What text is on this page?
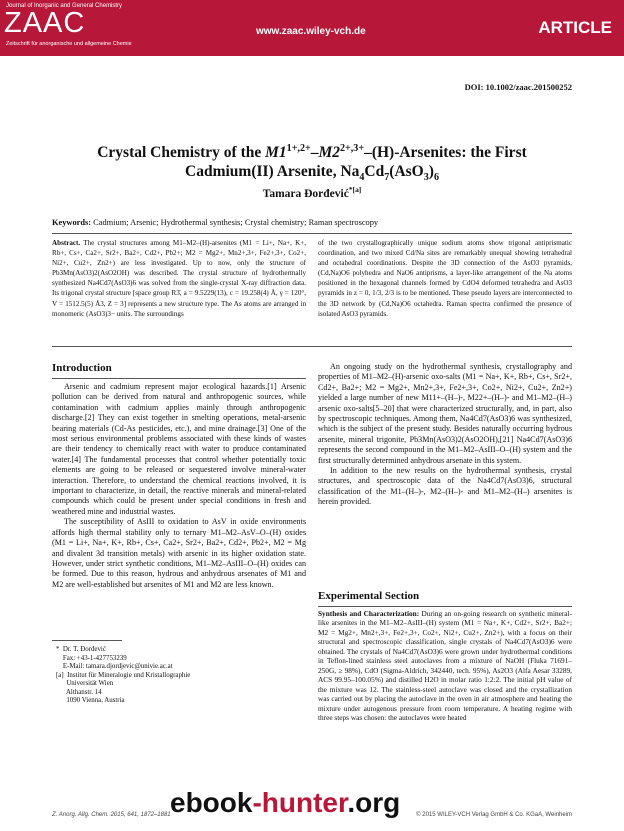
Journal of Inorganic and General Chemistry
ZAAC
Zeitschrift für anorganische und allgemeine Chemie
www.zaac.wiley-vch.de	ARTICLE
DOI: 10.1002/zaac.201500252
Crystal Chemistry of the $M1^{1+,2+}-M2^{2+,3+}-(H)$-Arsenites: the First
Cadmium(II) Arsenite, $Na_4Cd_7(AsO_3)_6$
Tamara Đorđević$^{*[a]}$
Keywords: Cadmium; Arsenic; Hydrothermal synthesis; Crystal chemistry; Raman spectroscopy
Abstract. The crystal structures among M1–M2–(H)-arsenites (M1 = Li+, Na+, K+, Rb+, Cs+, Ca2+, Sr2+, Ba2+, Cd2+, Pb2+; M2 = Mg2+, Mn2+,3+, Fe2+,3+, Co2+, Ni2+, Cu2+, Zn2+) are less investigated. Up to now, only the structure of Pb3Mn(AsO3)2(AsO2OH) was described. The crystal structure of hydrothermally synthesized Na4Cd7(AsO3)6 was solved from the single-crystal X-ray diffraction data. Its trigonal crystal structure [space group R3̄, a = 9.5229(13), c = 19.258(4) Å, γ = 120°, V = 1512.5(5) Å3, Z = 3] represents a new structure type. The As atoms are arranged in monomeric (AsO3)3− units. The surroundings
of the two crystallographically unique sodium atoms show trigonal antiprismatic coordination, and two mixed Cd/Na sites are remarkably unequal showing tetrahedral and octahedral coordinations. Despite the 3D connection of the AsO3 pyramids, (Cd,Na)O6 polyhedra and NaO6 antiprisms, a layer-like arrangement of the Na atoms positioned in the hexagonal channels formed by CdO4 deformed tetrahedra and AsO3 pyramids in z = 0, 1/3, 2/3 is to be mentioned. These pseudo layers are interconnected to the 3D network by (Cd,Na)O6 octahedra. Raman spectra confirmed the presence of isolated AsO3 pyramids.
Introduction

Arsenic and cadmium represent major ecological hazards.[1] Arsenic pollution can be derived from natural and anthropogenic sources, while contamination with cadmium applies mainly through anthropogenic discharge.[2] They can exist together in smelting operations, metal-arsenic bearing materials (Cd-As pesticides, etc.), and mine drainage.[3] One of the most serious environmental problems associated with these kinds of wastes are their tendency to chemically react with water to produce contaminated water.[4] The fundamental processes that control whether potentially toxic elements are going to be released or sequestered involve mineral-water interaction. Therefore, to understand the chemical reactions involved, it is important to characterize, in detail, the reactive minerals and mineral-related compounds which could be present under special conditions in fresh and weathered mine and industrial wastes.

The susceptibility of AsIII to oxidation to AsV in oxide environments affords high thermal stability only to ternary M1–M2–AsV–O–(H) oxides (M1 = Li+, Na+, K+, Rb+, Cs+, Ca2+, Sr2+, Ba2+, Cd2+, Pb2+, M2 = Mg and divalent 3d transition metals) with arsenic in its higher oxidation state. However, under strict synthetic conditions, M1–M2–AsIII–O–(H) oxides can be formed. Due to this reason, hydrous and anhydrous arsenates of M1 and M2 are well-established but arsenites of M1 and M2 are less known.

An ongoing study on the hydrothermal synthesis, crystallography and properties of M1–M2–(H)-arsenic oxo-salts (M1 = Na+, K+, Rb+, Cs+, Sr2+, Cd2+, Ba2+; M2 = Mg2+, Mn2+,3+, Fe2+,3+, Co2+, Ni2+, Cu2+, Zn2+) yielded a large number of new M11+–(H–)-, M22+–(H–)- and M1–M2–(H–) arsenic oxo-salts[5–20] that were characterized structurally, and, in part, also by spectroscopic techniques. Among them, Na4Cd7(AsO3)6 was synthesized, which is the subject of the present study. Besides naturally occurring hydrous arsenite, mineral trigonite, Pb3Mn(AsO3)2(AsO2OH),[21] Na4Cd7(AsO3)6 represents the second compound in the M1–M2–AsIII–O–(H) system and the first structurally determined anhydrous arsenate in this system.

In addition to the new results on the hydrothermal synthesis, crystal structures, and spectroscopic data of the Na4Cd7(AsO3)6, structural classification of the M1–(H–)-, M2–(H–)- and M1–M2–(H–) arsenites is herein provided.

Experimental Section

Synthesis and Characterization: During an on-going research on synthetic mineral-like arsenites in the M1–M2–AsIII–(H) system (M1 = Na+, K+, Cd2+, Sr2+, Ba2+; M2 = Mg2+, Mn2+,3+, Fe2+,3+, Co2+, Ni2+, Cu2+, Zn2+), with a focus on their structural and spectroscopic classification, single crystals of Na4Cd7(AsO3)6 were obtained. The crystals of Na4Cd7(AsO3)6 were grown under hydrothermal conditions in Teflon-lined stainless steel autoclaves from a mixture of NaOH (Fluka 71691–250G, ≥ 98%), CdO (Sigma-Aldrich, 342440, tech. 95%), As2O3 (Alfa Aesar 33289, ACS 99.95–100.05%) and distilled H2O in molar ratio 1:2:2. The initial pH value of the mixture was 12. The stainless-steel autoclave was closed and the crystallization was carried out by placing the autoclave in the oven in air atmosphere and heating the mixture under autogenous pressure from room temperature. A heating regime with three steps was chosen: the autoclaves were heated

*  Dr. T. Đorđević
Fax: +43-1-427753239
E-Mail: tamara.djordjevic@univie.ac.at
[a]  Institut für Mineralogie und Kristallographie
Universität Wien
Althanstr. 14
1090 Vienna, Austria
Z. Anorg. Allg. Chem. 2015, 641, 1872–1881	© 2015 WILEY-VCH Verlag GmbH & Co. KGaA, Weinheim
ebook-hunter.org
